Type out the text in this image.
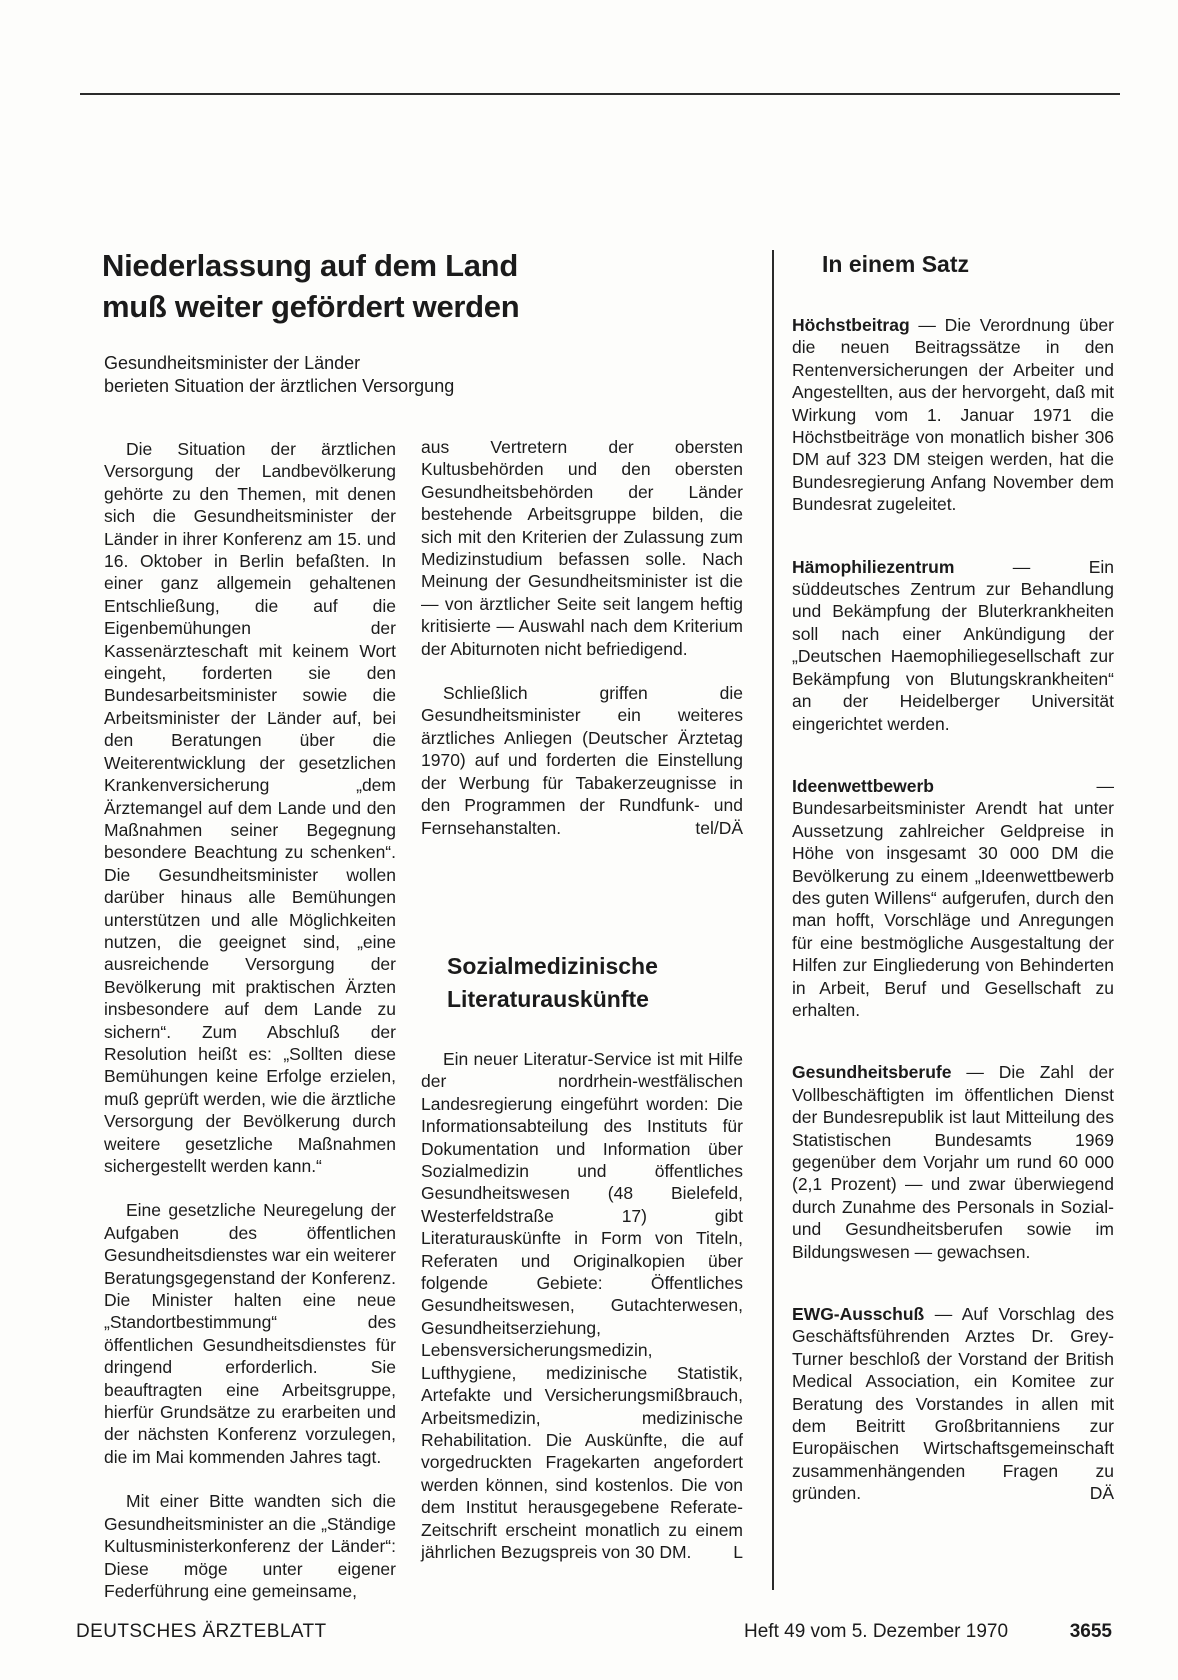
Niederlassung auf dem Land
muß weiter gefördert werden
Gesundheitsminister der Länder
berieten Situation der ärztlichen Versorgung

Die Situation der ärztlichen Versorgung der Landbevölkerung gehörte zu den Themen, mit denen sich die Gesundheitsminister der Länder in ihrer Konferenz am 15. und 16. Oktober in Berlin befaßten. In einer ganz allgemein gehaltenen Entschließung, die auf die Eigenbemühungen der Kassenärzteschaft mit keinem Wort eingeht, forderten sie den Bundesarbeitsminister sowie die Arbeitsminister der Länder auf, bei den Beratungen über die Weiterentwicklung der gesetzlichen Krankenversicherung „dem Ärztemangel auf dem Lande und den Maßnahmen seiner Begegnung besondere Beachtung zu schenken“. Die Gesundheitsminister wollen darüber hinaus alle Bemühungen unterstützen und alle Möglichkeiten nutzen, die geeignet sind, „eine ausreichende Versorgung der Bevölkerung mit praktischen Ärzten insbesondere auf dem Lande zu sichern“. Zum Abschluß der Resolution heißt es: „Sollten diese Bemühungen keine Erfolge erzielen, muß geprüft werden, wie die ärztliche Versorgung der Bevölkerung durch weitere gesetzliche Maßnahmen sichergestellt werden kann.“

Eine gesetzliche Neuregelung der Aufgaben des öffentlichen Gesundheitsdienstes war ein weiterer Beratungsgegenstand der Konferenz. Die Minister halten eine neue „Standortbestimmung“ des öffentlichen Gesundheitsdienstes für dringend erforderlich. Sie beauftragten eine Arbeitsgruppe, hierfür Grundsätze zu erarbeiten und der nächsten Konferenz vorzulegen, die im Mai kommenden Jahres tagt.

Mit einer Bitte wandten sich die Gesundheitsminister an die „Ständige Kultusministerkonferenz der Länder“: Diese möge unter eigener Federführung eine gemeinsame,

aus Vertretern der obersten Kultusbehörden und den obersten Gesundheitsbehörden der Länder bestehende Arbeitsgruppe bilden, die sich mit den Kriterien der Zulassung zum Medizinstudium befassen solle. Nach Meinung der Gesundheitsminister ist die — von ärztlicher Seite seit langem heftig kritisierte — Auswahl nach dem Kriterium der Abiturnoten nicht befriedigend.

Schließlich griffen die Gesundheitsminister ein weiteres ärztliches Anliegen (Deutscher Ärztetag 1970) auf und forderten die Einstellung der Werbung für Tabakerzeugnisse in den Programmen der Rundfunk- und Fernsehanstalten.	tel/DÄ

Sozialmedizinische
Literaturauskünfte

Ein neuer Literatur-Service ist mit Hilfe der nordrhein-westfälischen Landesregierung eingeführt worden: Die Informationsabteilung des Instituts für Dokumentation und Information über Sozialmedizin und öffentliches Gesundheitswesen (48 Bielefeld, Westerfeldstraße 17) gibt Literaturauskünfte in Form von Titeln, Referaten und Originalkopien über folgende Gebiete: Öffentliches Gesundheitswesen, Gutachterwesen, Gesundheitserziehung, Lebensversicherungsmedizin, Lufthygiene, medizinische Statistik, Artefakte und Versicherungsmißbrauch, Arbeitsmedizin, medizinische Rehabilitation. Die Auskünfte, die auf vorgedruckten Fragekarten angefordert werden können, sind kostenlos. Die von dem Institut herausgegebene Referate-Zeitschrift erscheint monatlich zu einem jährlichen Bezugspreis von 30 DM.	L

In einem Satz
Höchstbeitrag — Die Verordnung über die neuen Beitragssätze in den Rentenversicherungen der Arbeiter und Angestellten, aus der hervorgeht, daß mit Wirkung vom 1. Januar 1971 die Höchstbeiträge von monatlich bisher 306 DM auf 323 DM steigen werden, hat die Bundesregierung Anfang November dem Bundesrat zugeleitet.
Hämophiliezentrum — Ein süddeutsches Zentrum zur Behandlung und Bekämpfung der Bluterkrankheiten soll nach einer Ankündigung der „Deutschen Haemophiliegesellschaft zur Bekämpfung von Blutungskrankheiten“ an der Heidelberger Universität eingerichtet werden.
Ideenwettbewerb — Bundesarbeitsminister Arendt hat unter Aussetzung zahlreicher Geldpreise in Höhe von insgesamt 30 000 DM die Bevölkerung zu einem „Ideenwettbewerb des guten Willens“ aufgerufen, durch den man hofft, Vorschläge und Anregungen für eine bestmögliche Ausgestaltung der Hilfen zur Eingliederung von Behinderten in Arbeit, Beruf und Gesellschaft zu erhalten.
Gesundheitsberufe — Die Zahl der Vollbeschäftigten im öffentlichen Dienst der Bundesrepublik ist laut Mitteilung des Statistischen Bundesamts 1969 gegenüber dem Vorjahr um rund 60 000 (2,1 Prozent) — und zwar überwiegend durch Zunahme des Personals in Sozial- und Gesundheitsberufen sowie im Bildungswesen — gewachsen.
EWG-Ausschuß — Auf Vorschlag des Geschäftsführenden Arztes Dr. Grey-Turner beschloß der Vorstand der British Medical Association, ein Komitee zur Beratung des Vorstandes in allen mit dem Beitritt Großbritanniens zur Europäischen Wirtschaftsgemeinschaft zusammenhängenden Fragen zu gründen.	DÄ
DEUTSCHES ÄRZTEBLATT	Heft 49 vom 5. Dezember 1970	3655
